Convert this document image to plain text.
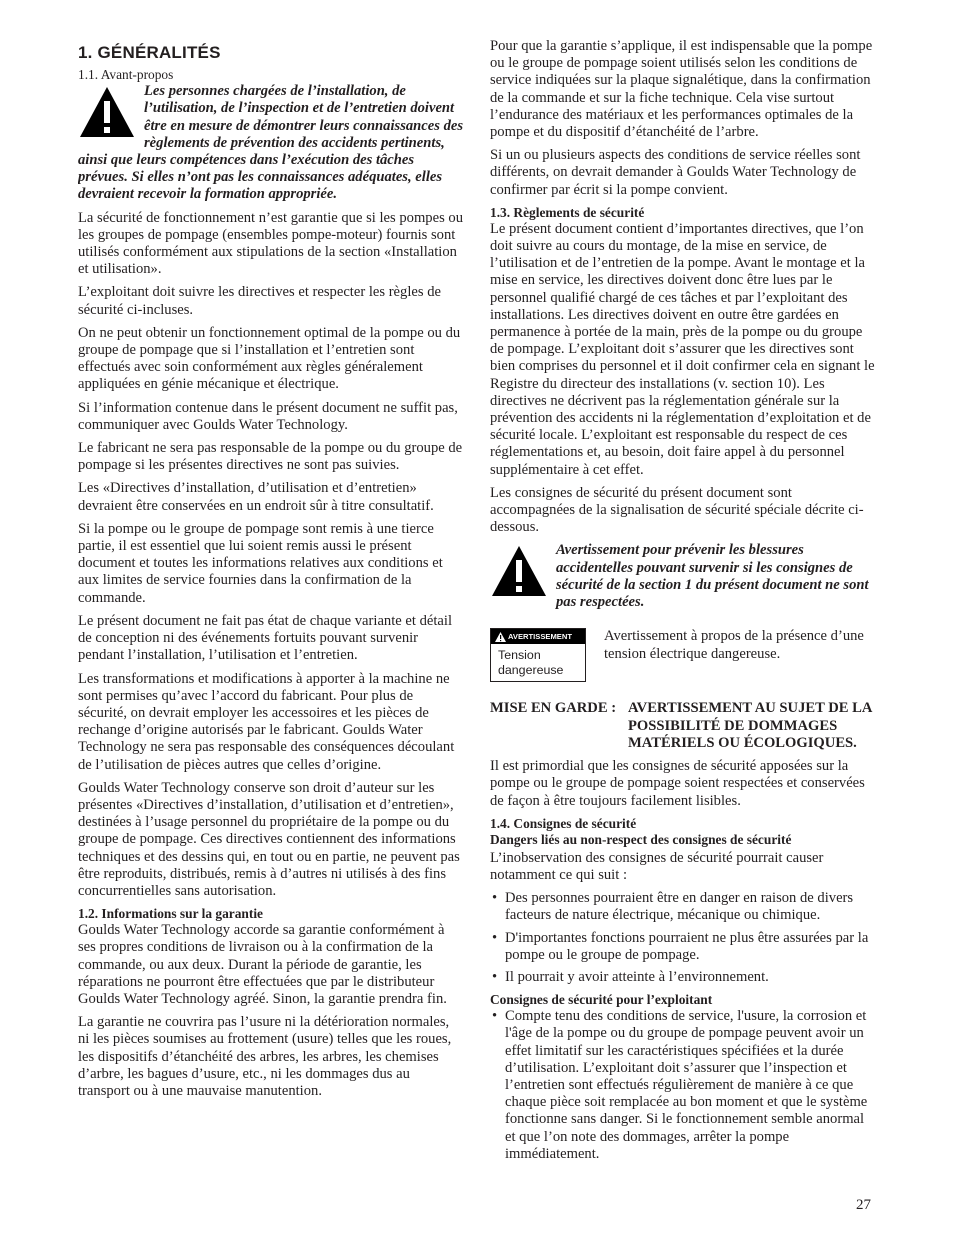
1. GÉNÉRALITÉS
1.1. Avant-propos
Les personnes chargées de l’installation, de l’utilisation, de l’inspection et de l’entretien doivent être en mesure de démontrer leurs connaissances des règlements de prévention des accidents pertinents, ainsi que leurs compétences dans l’exécution des tâches prévues. Si elles n’ont pas les connaissances adéquates, elles devraient recevoir la formation appropriée.

La sécurité de fonctionnement n’est garantie que si les pompes ou les groupes de pompage (ensembles pompe-moteur) fournis sont utilisés conformément aux stipulations de la section «Installation et utilisation».

L’exploitant doit suivre les directives et respecter les règles de sécurité ci-incluses.

On ne peut obtenir un fonctionnement optimal de la pompe ou du groupe de pompage que si l’installation et l’entretien sont effectués avec soin conformément aux règles généralement appliquées en génie mécanique et électrique.

Si l’information contenue dans le présent document ne suffit pas, communiquer avec Goulds Water Technology.

Le fabricant ne sera pas responsable de la pompe ou du groupe de pompage si les présentes directives ne sont pas suivies.

Les «Directives d’installation, d’utilisation et d’entretien» devraient être conservées en un endroit sûr à titre consultatif.

Si la pompe ou le groupe de pompage sont remis à une tierce partie, il est essentiel que lui soient remis aussi le présent document et toutes les informations relatives aux conditions et aux limites de service fournies dans la confirmation de la commande.

Le présent document ne fait pas état de chaque variante et détail de conception ni des événements fortuits pouvant survenir pendant l’installation, l’utilisation et l’entretien.

Les transformations et modifications à apporter à la machine ne sont permises qu’avec l’accord du fabricant. Pour plus de sécurité, on devrait employer les accessoires et les pièces de rechange d’origine autorisés par le fabricant. Goulds Water Technology ne sera pas responsable des conséquences découlant de l’utilisation de pièces autres que celles d’origine.

Goulds Water Technology conserve son droit d’auteur sur les présentes «Directives d’installation, d’utilisation et d’entretien», destinées à l’usage personnel du propriétaire de la pompe ou du groupe de pompage. Ces directives contiennent des informations techniques et des dessins qui, en tout ou en partie, ne peuvent pas être reproduits, distribués, remis à d’autres ni utilisés à des fins concurrentielles sans autorisation.

1.2. Informations sur la garantie

Goulds Water Technology accorde sa garantie conformément à ses propres conditions de livraison ou à la confirmation de la commande, ou aux deux. Durant la période de garantie, les réparations ne pourront être effectuées que par le distributeur Goulds Water Technology agréé. Sinon, la garantie prendra fin.

La garantie ne couvrira pas l’usure ni la détérioration normales, ni les pièces soumises au frottement (usure) telles que les roues, les dispositifs d’étanchéité des arbres, les arbres, les chemises d’arbre, les bagues d’usure, etc., ni les dommages dus au transport ou à une mauvaise manutention.

Pour que la garantie s’applique, il est indispensable que la pompe ou le groupe de pompage soient utilisés selon les conditions de service indiquées sur la plaque signalétique, dans la confirmation de la commande et sur la fiche technique. Cela vise surtout l’endurance des matériaux et les performances optimales de la pompe et du dispositif d’étanchéité de l’arbre.

Si un ou plusieurs aspects des conditions de service réelles sont différents, on devrait demander à Goulds Water Technology de confirmer par écrit si la pompe convient.

1.3. Règlements de sécurité

Le présent document contient d’importantes directives, que l’on doit suivre au cours du montage, de la mise en service, de l’utilisation et de l’entretien de la pompe. Avant le montage et la mise en service, les directives doivent donc être lues par le personnel qualifié chargé de ces tâches et par l’exploitant des installations. Les directives doivent en outre être gardées en permanence à portée de la main, près de la pompe ou du groupe de pompage. L’exploitant doit s’assurer que les directives sont bien comprises du personnel et il doit confirmer cela en signant le Registre du directeur des installations (v. section 10). Les directives ne décrivent pas la réglementation générale sur la prévention des accidents ni la réglementation d’exploitation et de sécurité locale. L’exploitant est responsable du respect de ces réglementations et, au besoin, doit faire appel à du personnel supplémentaire à cet effet.

Les consignes de sécurité du présent document sont accompagnées de la signalisation de sécurité spéciale décrite ci-dessous.

Avertissement pour prévenir les blessures accidentelles pouvant survenir si les consignes de sécurité de la section 1 du présent document ne sont pas respectées.
AVERTISSEMENT
Tension dangereuse
Avertissement à propos de la présence d’une tension électrique dangereuse.
MISE EN GARDE : AVERTISSEMENT AU SUJET DE LA POSSIBILITÉ DE DOMMAGES MATÉRIELS OU ÉCOLOGIQUES.

Il est primordial que les consignes de sécurité apposées sur la pompe ou le groupe de pompage soient respectées et conservées de façon à être toujours facilement lisibles.

1.4. Consignes de sécurité
Dangers liés au non-respect des consignes de sécurité

L’inobservation des consignes de sécurité pourrait causer notamment ce qui suit :

• Des personnes pourraient être en danger en raison de divers facteurs de nature électrique, mécanique ou chimique.
• D'importantes fonctions pourraient ne plus être assurées par la pompe ou le groupe de pompage.
• Il pourrait y avoir atteinte à l’environnement.
Consignes de sécurité pour l’exploitant
• Compte tenu des conditions de service, l'usure, la corrosion et l'âge de la pompe ou du groupe de pompage peuvent avoir un effet limitatif sur les caractéristiques spécifiées et la durée d’utilisation. L’exploitant doit s’assurer que l’inspection et l’entretien sont effectués régulièrement de manière à ce que chaque pièce soit remplacée au bon moment et que le système fonctionne sans danger. Si le fonctionnement semble anormal et que l’on note des dommages, arrêter la pompe immédiatement.
27
